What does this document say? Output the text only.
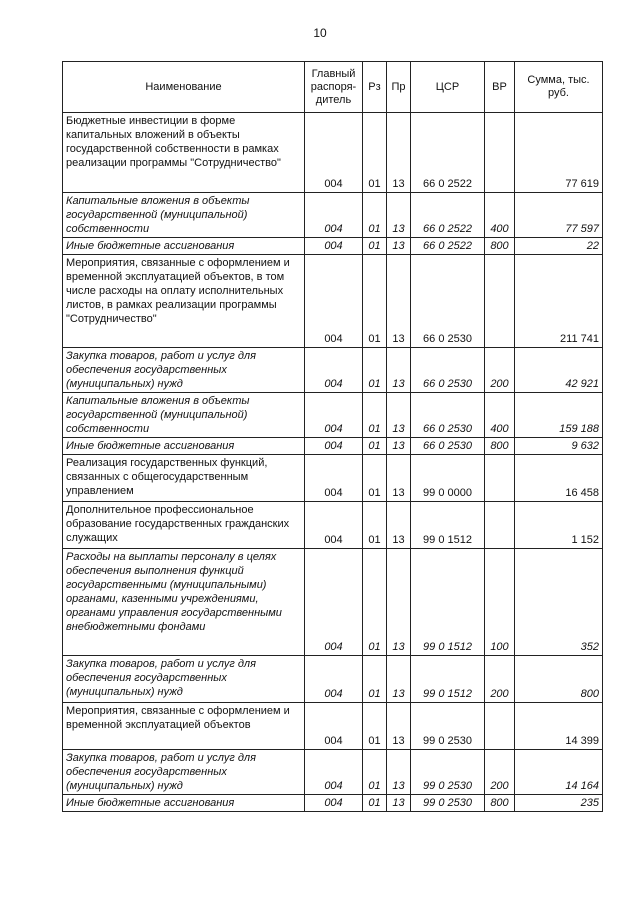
10
Наименование	Главный распоря- дитель	Рз	Пр	ЦСР	ВР	Сумма, тыс. руб.
Бюджетные инвестиции в форме капитальных вложений в объекты государственной собственности в рамках реализации программы "Сотрудничество"	004	01	13	66 0 2522		77 619
Капитальные вложения в объекты государственной (муниципальной) собственности	004	01	13	66 0 2522	400	77 597
Иные бюджетные ассигнования	004	01	13	66 0 2522	800	22
Мероприятия, связанные с оформлением и временной эксплуатацией объектов, в том числе расходы на оплату исполнительных листов, в рамках реализации программы "Сотрудничество"	004	01	13	66 0 2530		211 741
Закупка товаров, работ и услуг для обеспечения государственных (муниципальных) нужд	004	01	13	66 0 2530	200	42 921
Капитальные вложения в объекты государственной (муниципальной) собственности	004	01	13	66 0 2530	400	159 188
Иные бюджетные ассигнования	004	01	13	66 0 2530	800	9 632
Реализация государственных функций, связанных с общегосударственным управлением	004	01	13	99 0 0000		16 458
Дополнительное профессиональное образование государственных гражданских служащих	004	01	13	99 0 1512		1 152
Расходы на выплаты персоналу в целях обеспечения выполнения функций государственными (муниципальными) органами, казенными учреждениями, органами управления государственными внебюджетными фондами	004	01	13	99 0 1512	100	352
Закупка товаров, работ и услуг для обеспечения государственных (муниципальных) нужд	004	01	13	99 0 1512	200	800
Мероприятия, связанные с оформлением и временной эксплуатацией объектов	004	01	13	99 0 2530		14 399
Закупка товаров, работ и услуг для обеспечения государственных (муниципальных) нужд	004	01	13	99 0 2530	200	14 164
Иные бюджетные ассигнования	004	01	13	99 0 2530	800	235
